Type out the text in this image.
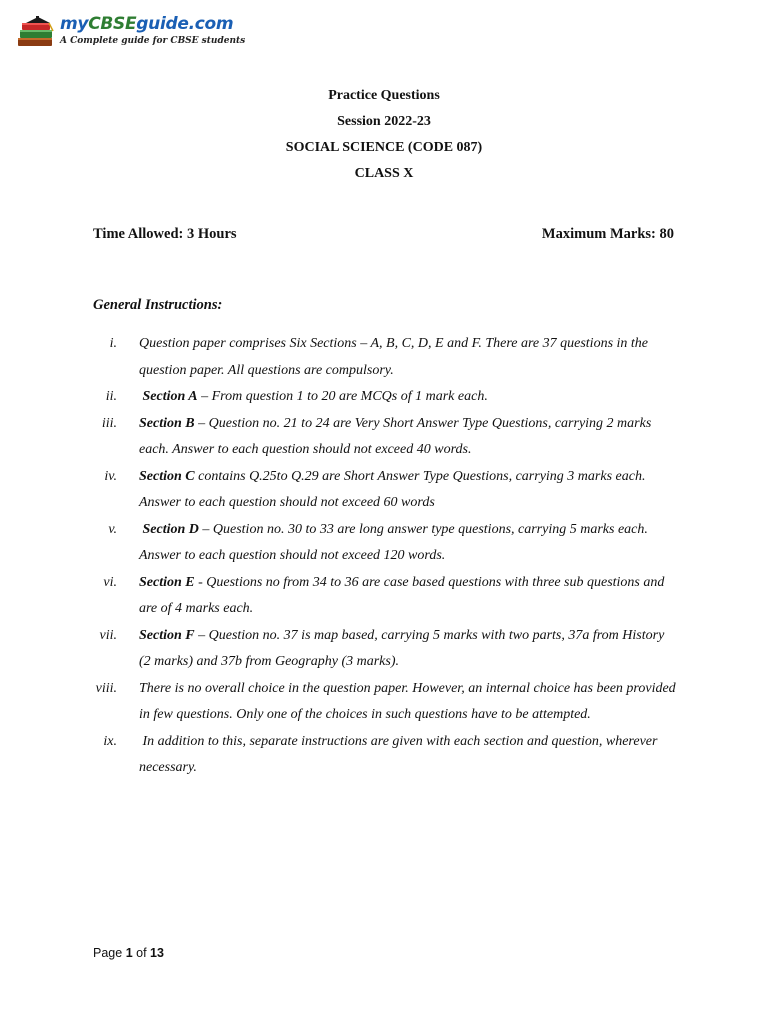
myCBSEguide.com
A Complete guide for CBSE students
Practice Questions
Session 2022-23
SOCIAL SCIENCE (CODE 087)
CLASS X
Time Allowed: 3 Hours	Maximum Marks: 80
General Instructions:
i. Question paper comprises Six Sections – A, B, C, D, E and F. There are 37 questions in the question paper. All questions are compulsory.
ii. Section A – From question 1 to 20 are MCQs of 1 mark each.
iii. Section B – Question no. 21 to 24 are Very Short Answer Type Questions, carrying 2 marks each. Answer to each question should not exceed 40 words.
iv. Section C contains Q.25to Q.29 are Short Answer Type Questions, carrying 3 marks each. Answer to each question should not exceed 60 words
v. Section D – Question no. 30 to 33 are long answer type questions, carrying 5 marks each. Answer to each question should not exceed 120 words.
vi. Section E - Questions no from 34 to 36 are case based questions with three sub questions and are of 4 marks each.
vii. Section F – Question no. 37 is map based, carrying 5 marks with two parts, 37a from History (2 marks) and 37b from Geography (3 marks).
viii. There is no overall choice in the question paper. However, an internal choice has been provided in few questions. Only one of the choices in such questions have to be attempted.
ix. In addition to this, separate instructions are given with each section and question, wherever necessary.
Page 1 of 13
